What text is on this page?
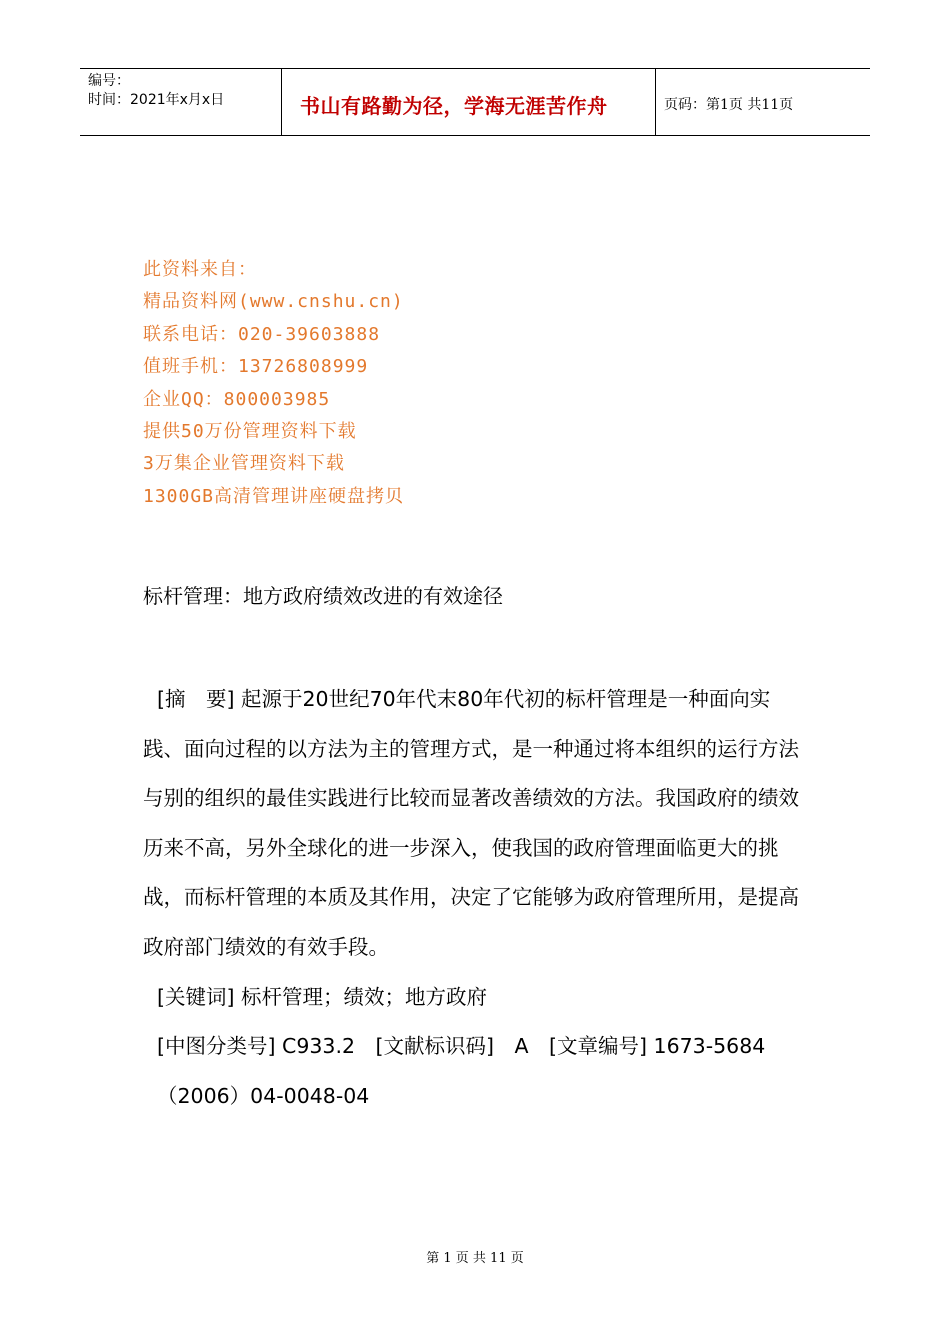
编号：
时间：2021年x月x日	书山有路勤为径，学海无涯苦作舟	页码：第1页 共11页
此资料来自：
精品资料网(www.cnshu.cn)
联系电话：020-39603888
值班手机：13726808999
企业QQ：800003985
提供50万份管理资料下载
3万集企业管理资料下载
1300GB高清管理讲座硬盘拷贝
标杆管理：地方政府绩效改进的有效途径

[摘　要] 起源于20世纪70年代末80年代初的标杆管理是一种面向实践、面向过程的以方法为主的管理方式，是一种通过将本组织的运行方法与别的组织的最佳实践进行比较而显著改善绩效的方法。我国政府的绩效历来不高，另外全球化的进一步深入，使我国的政府管理面临更大的挑战，而标杆管理的本质及其作用，决定了它能够为政府管理所用，是提高政府部门绩效的有效手段。

[关键词] 标杆管理；绩效；地方政府

[中图分类号] C933.2　[文献标识码]　A　[文章编号] 1673-5684（2006）04-0048-04

第 1 页 共 11 页
